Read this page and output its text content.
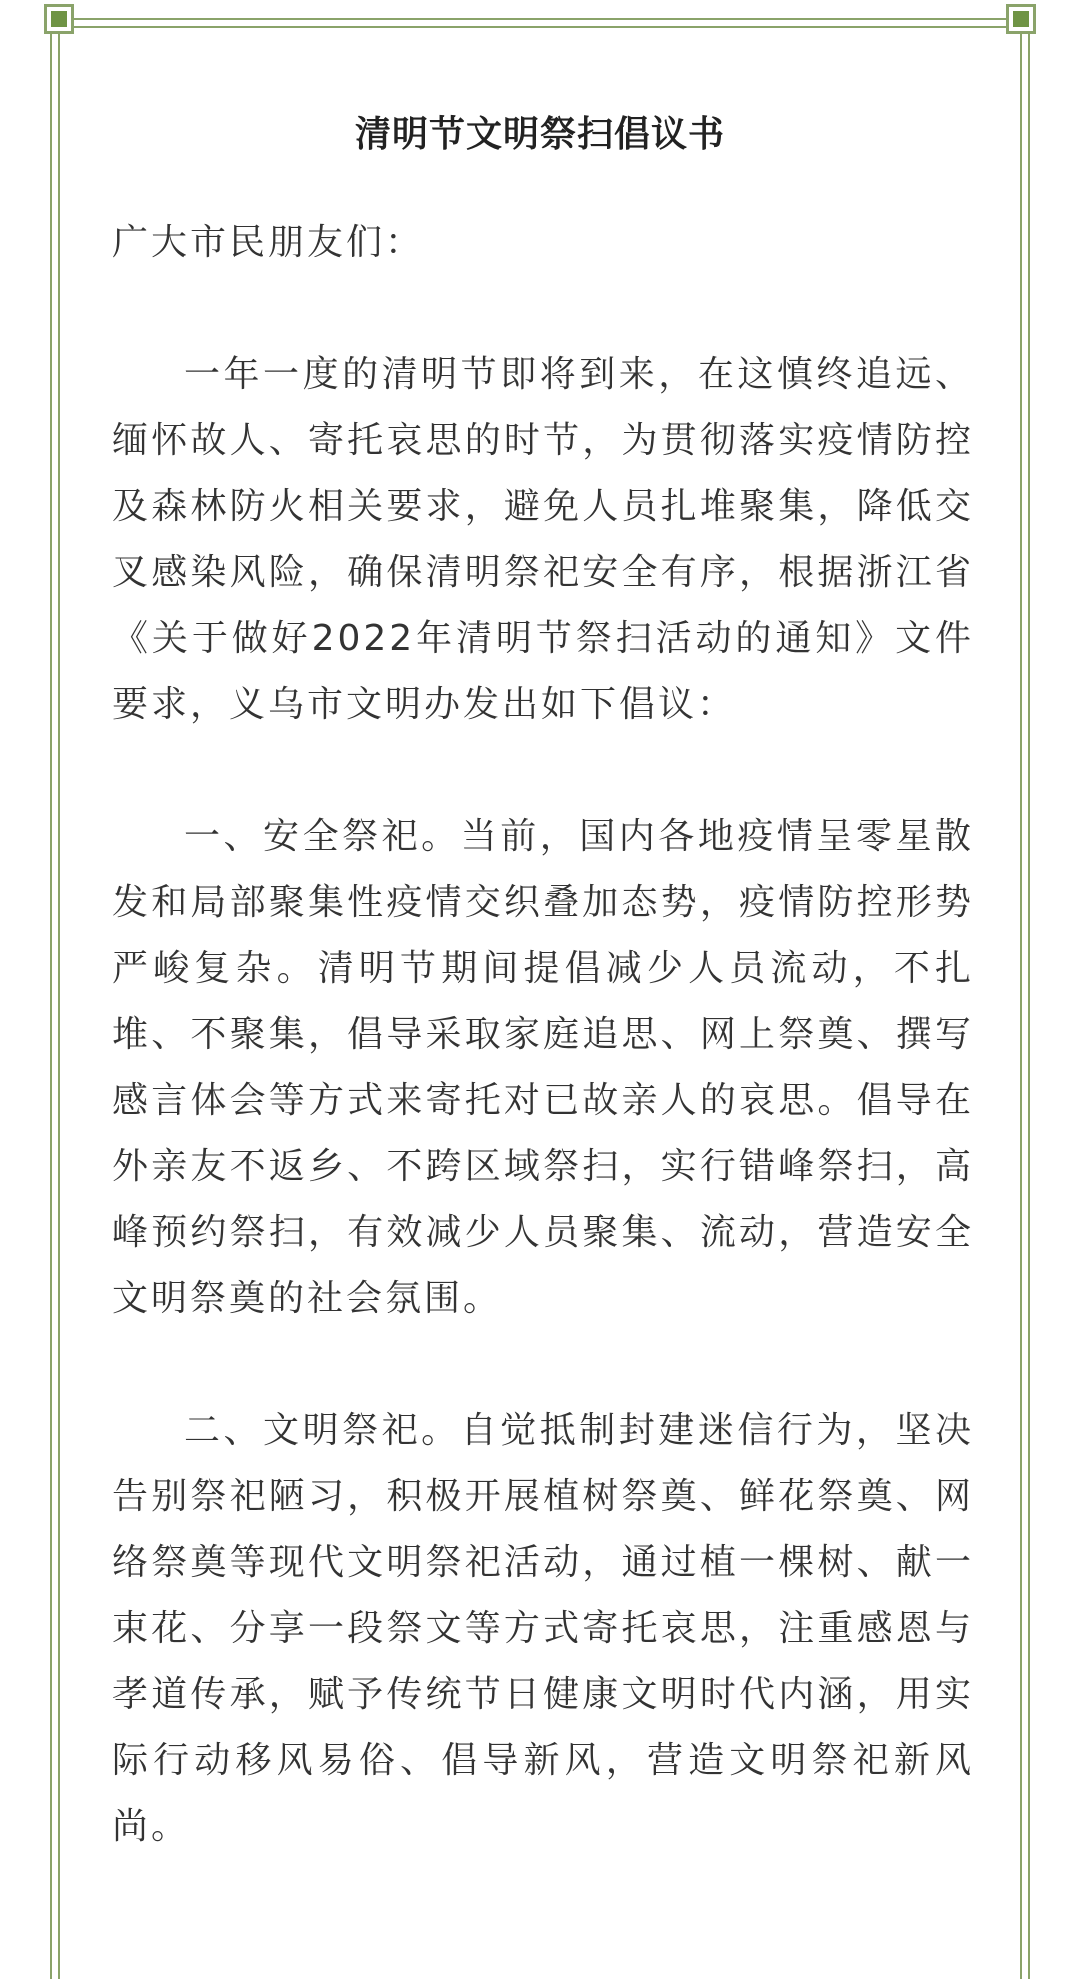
清明节文明祭扫倡议书

广大市民朋友们：

一年一度的清明节即将到来，在这慎终追远、缅怀故人、寄托哀思的时节，为贯彻落实疫情防控及森林防火相关要求，避免人员扎堆聚集，降低交叉感染风险，确保清明祭祀安全有序，根据浙江省《关于做好2022年清明节祭扫活动的通知》文件要求，义乌市文明办发出如下倡议：

一、安全祭祀。当前，国内各地疫情呈零星散发和局部聚集性疫情交织叠加态势，疫情防控形势严峻复杂。清明节期间提倡减少人员流动，不扎堆、不聚集，倡导采取家庭追思、网上祭奠、撰写感言体会等方式来寄托对已故亲人的哀思。倡导在外亲友不返乡、不跨区域祭扫，实行错峰祭扫，高峰预约祭扫，有效减少人员聚集、流动，营造安全文明祭奠的社会氛围。

二、文明祭祀。自觉抵制封建迷信行为，坚决告别祭祀陋习，积极开展植树祭奠、鲜花祭奠、网络祭奠等现代文明祭祀活动，通过植一棵树、献一束花、分享一段祭文等方式寄托哀思，注重感恩与孝道传承，赋予传统节日健康文明时代内涵，用实际行动移风易俗、倡导新风，营造文明祭祀新风尚。
